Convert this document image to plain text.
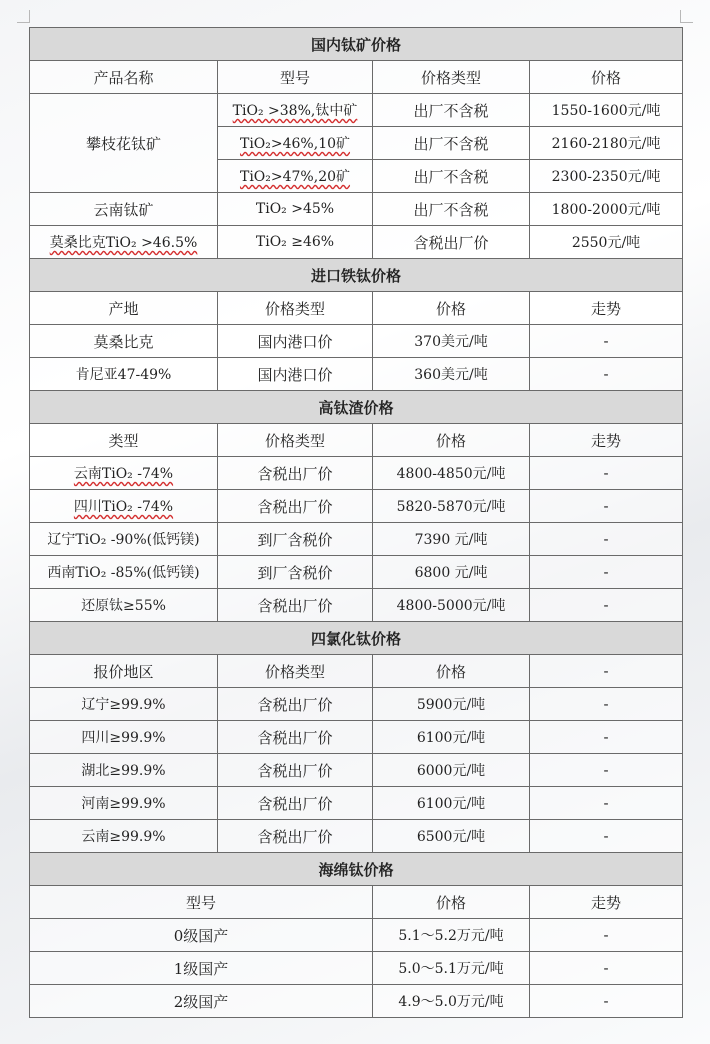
国内钛矿价格			
产品名称	型号	价格类型	价格
攀枝花钛矿	TiO₂ >38%,钛中矿	出厂不含税	1550-1600元/吨
	TiO₂>46%,10矿	出厂不含税	2160-2180元/吨
	TiO₂>47%,20矿	出厂不含税	2300-2350元/吨
云南钛矿	TiO₂ >45%	出厂不含税	1800-2000元/吨
莫桑比克TiO₂ >46.5%	TiO₂ ≥46%	含税出厂价	2550元/吨
进口铁钛价格			
产地	价格类型	价格	走势
莫桑比克	国内港口价	370美元/吨	-
肯尼亚47-49%	国内港口价	360美元/吨	-
高钛渣价格			
类型	价格类型	价格	走势
云南TiO₂ -74%	含税出厂价	4800-4850元/吨	-
四川TiO₂ -74%	含税出厂价	5820-5870元/吨	-
辽宁TiO₂ -90%(低钙镁)	到厂含税价	7390 元/吨	-
西南TiO₂ -85%(低钙镁)	到厂含税价	6800 元/吨	-
还原钛≥55%	含税出厂价	4800-5000元/吨	-
四氯化钛价格			
报价地区	价格类型	价格	-
辽宁≥99.9%	含税出厂价	5900元/吨	-
四川≥99.9%	含税出厂价	6100元/吨	-
湖北≥99.9%	含税出厂价	6000元/吨	-
河南≥99.9%	含税出厂价	6100元/吨	-
云南≥99.9%	含税出厂价	6500元/吨	-
海绵钛价格			
型号		价格	走势
0级国产		5.1～5.2万元/吨	-
1级国产		5.0～5.1万元/吨	-
2级国产		4.9～5.0万元/吨	-
